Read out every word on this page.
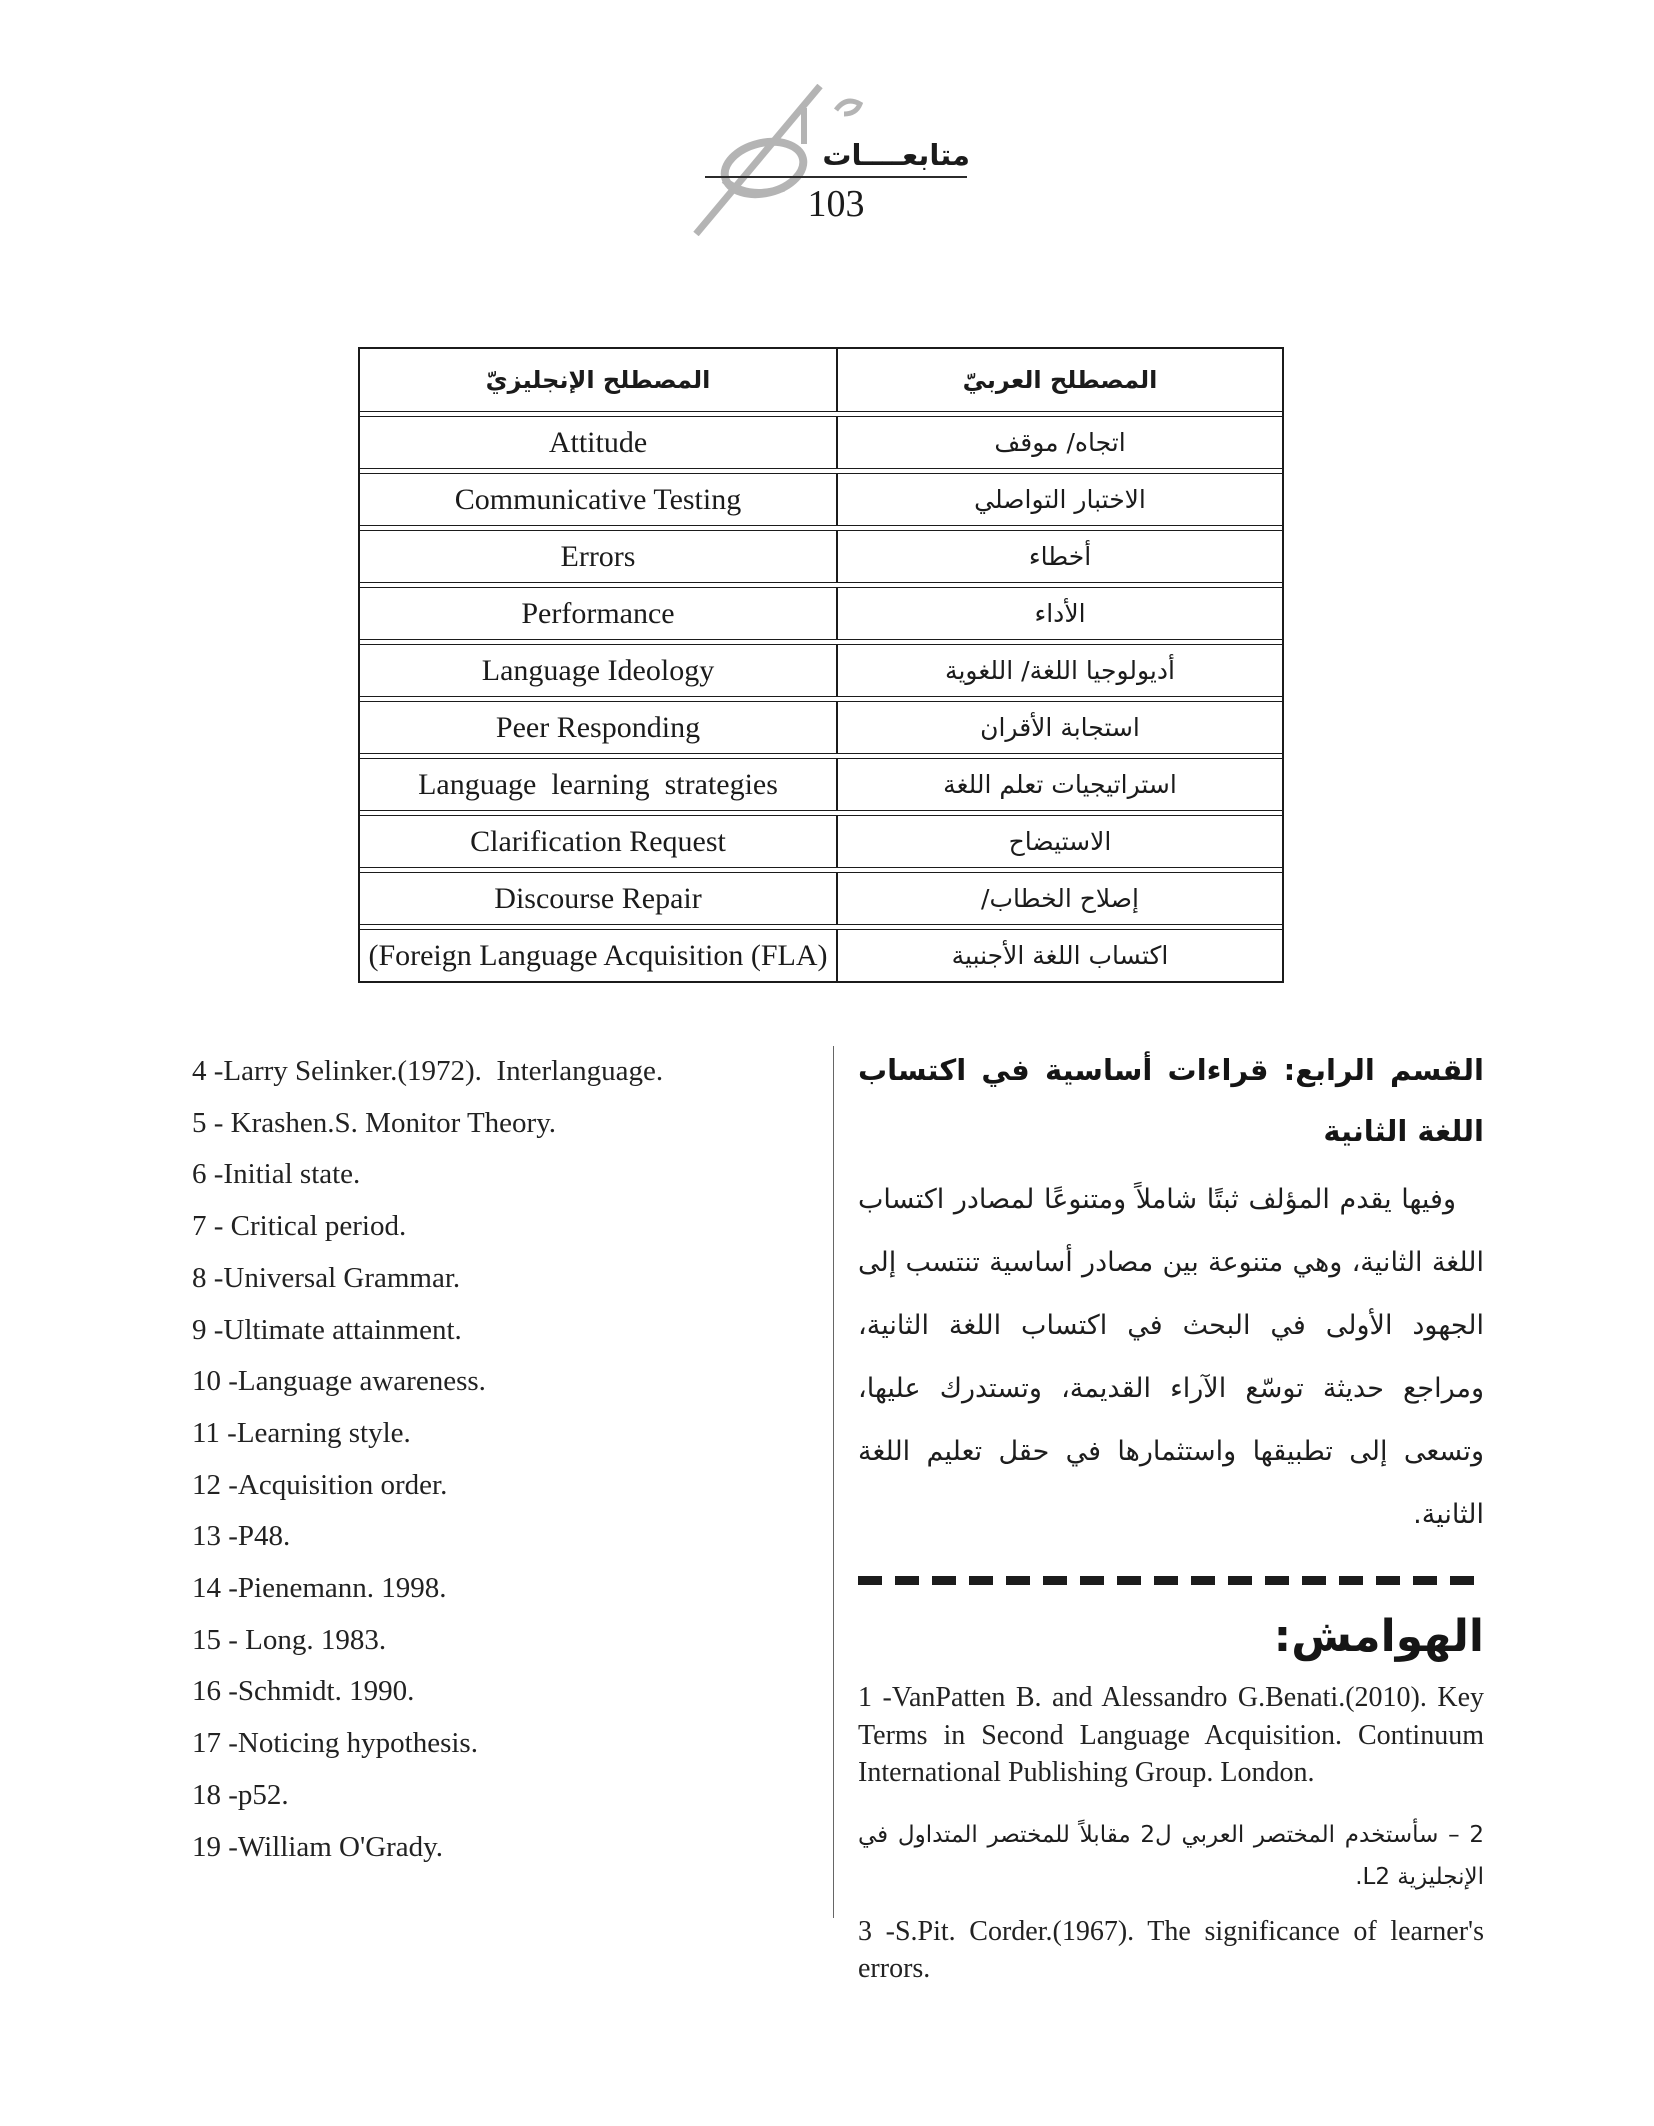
متابعــــات
103
المصطلح الإنجليزيّ	المصطلح العربيّ
Attitude	اتجاه/ موقف
Communicative Testing	الاختبار التواصلي
Errors	أخطاء
Performance	الأداء
Language Ideology	أديولوجيا اللغة/ اللغوية
Peer Responding	استجابة الأقران
Language  learning  strategies	استراتيجيات تعلم اللغة
Clarification Request	الاستيضاح
Discourse Repair	إصلاح الخطاب/
(Foreign Language Acquisition (FLA)	اكتساب اللغة الأجنبية
4 -Larry Selinker.(1972).  Interlanguage.
5 - Krashen.S. Monitor Theory.
6 -Initial state.
7 - Critical period.
8 -Universal Grammar.
9 -Ultimate attainment.
10 -Language awareness.
11 -Learning style.
12 -Acquisition order.
13 -P48.
14 -Pienemann. 1998.
15 - Long. 1983.
16 -Schmidt. 1990.
17 -Noticing hypothesis.
18 -p52.
19 -William O'Grady.
القسم الرابع: قراءات أساسية في اكتساب اللغة الثانية
وفيها يقدم المؤلف ثبتًا شاملاً ومتنوعًا لمصادر اكتساب اللغة الثانية، وهي متنوعة بين مصادر أساسية تنتسب إلى الجهود الأولى في البحث في اكتساب اللغة الثانية، ومراجع حديثة توسّع الآراء القديمة، وتستدرك عليها، وتسعى إلى تطبيقها واستثمارها في حقل تعليم اللغة الثانية.
الهوامش:
1 -VanPatten B. and Alessandro G.Benati.(2010). Key Terms in Second Language Acquisition. Continuum International Publishing Group. London.
2 – سأستخدم المختصر العربي ل2 مقابلاً للمختصر المتداول في الإنجليزية L2.
3 -S.Pit. Corder.(1967). The significance of learner's errors.
